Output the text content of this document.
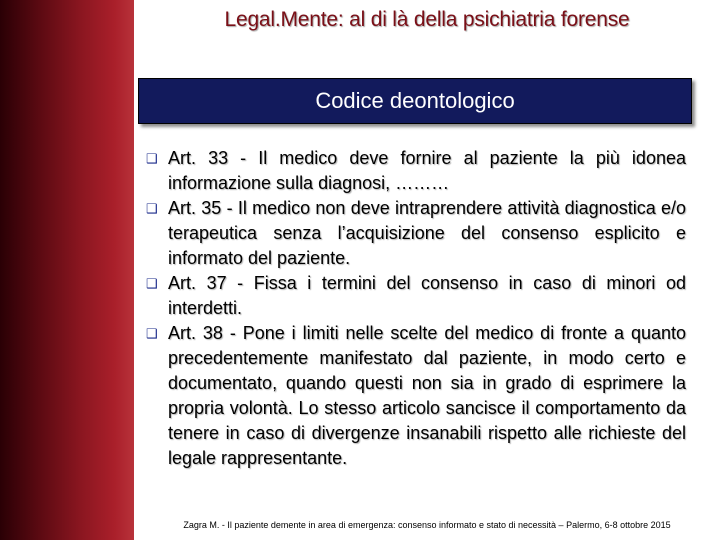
Legal.Mente: al di là della psichiatria forense
Codice deontologico
❑ Art. 33 - Il medico deve fornire al paziente la più idonea informazione sulla diagnosi, ………
❑ Art. 35 - Il medico non deve intraprendere attività diagnostica e/o terapeutica senza l’acquisizione del consenso esplicito e informato del paziente.
❑ Art. 37 - Fissa i termini del consenso in caso di minori od interdetti.
❑ Art. 38 - Pone i limiti nelle scelte del medico di fronte a quanto precedentemente manifestato dal paziente, in modo certo e documentato, quando questi non sia in grado di esprimere la propria volontà. Lo stesso articolo sancisce il comportamento da tenere in caso di divergenze insanabili rispetto alle richieste del legale rappresentante.
Zagra M. - Il paziente demente in area di emergenza: consenso informato e stato di necessità – Palermo, 6-8 ottobre 2015
